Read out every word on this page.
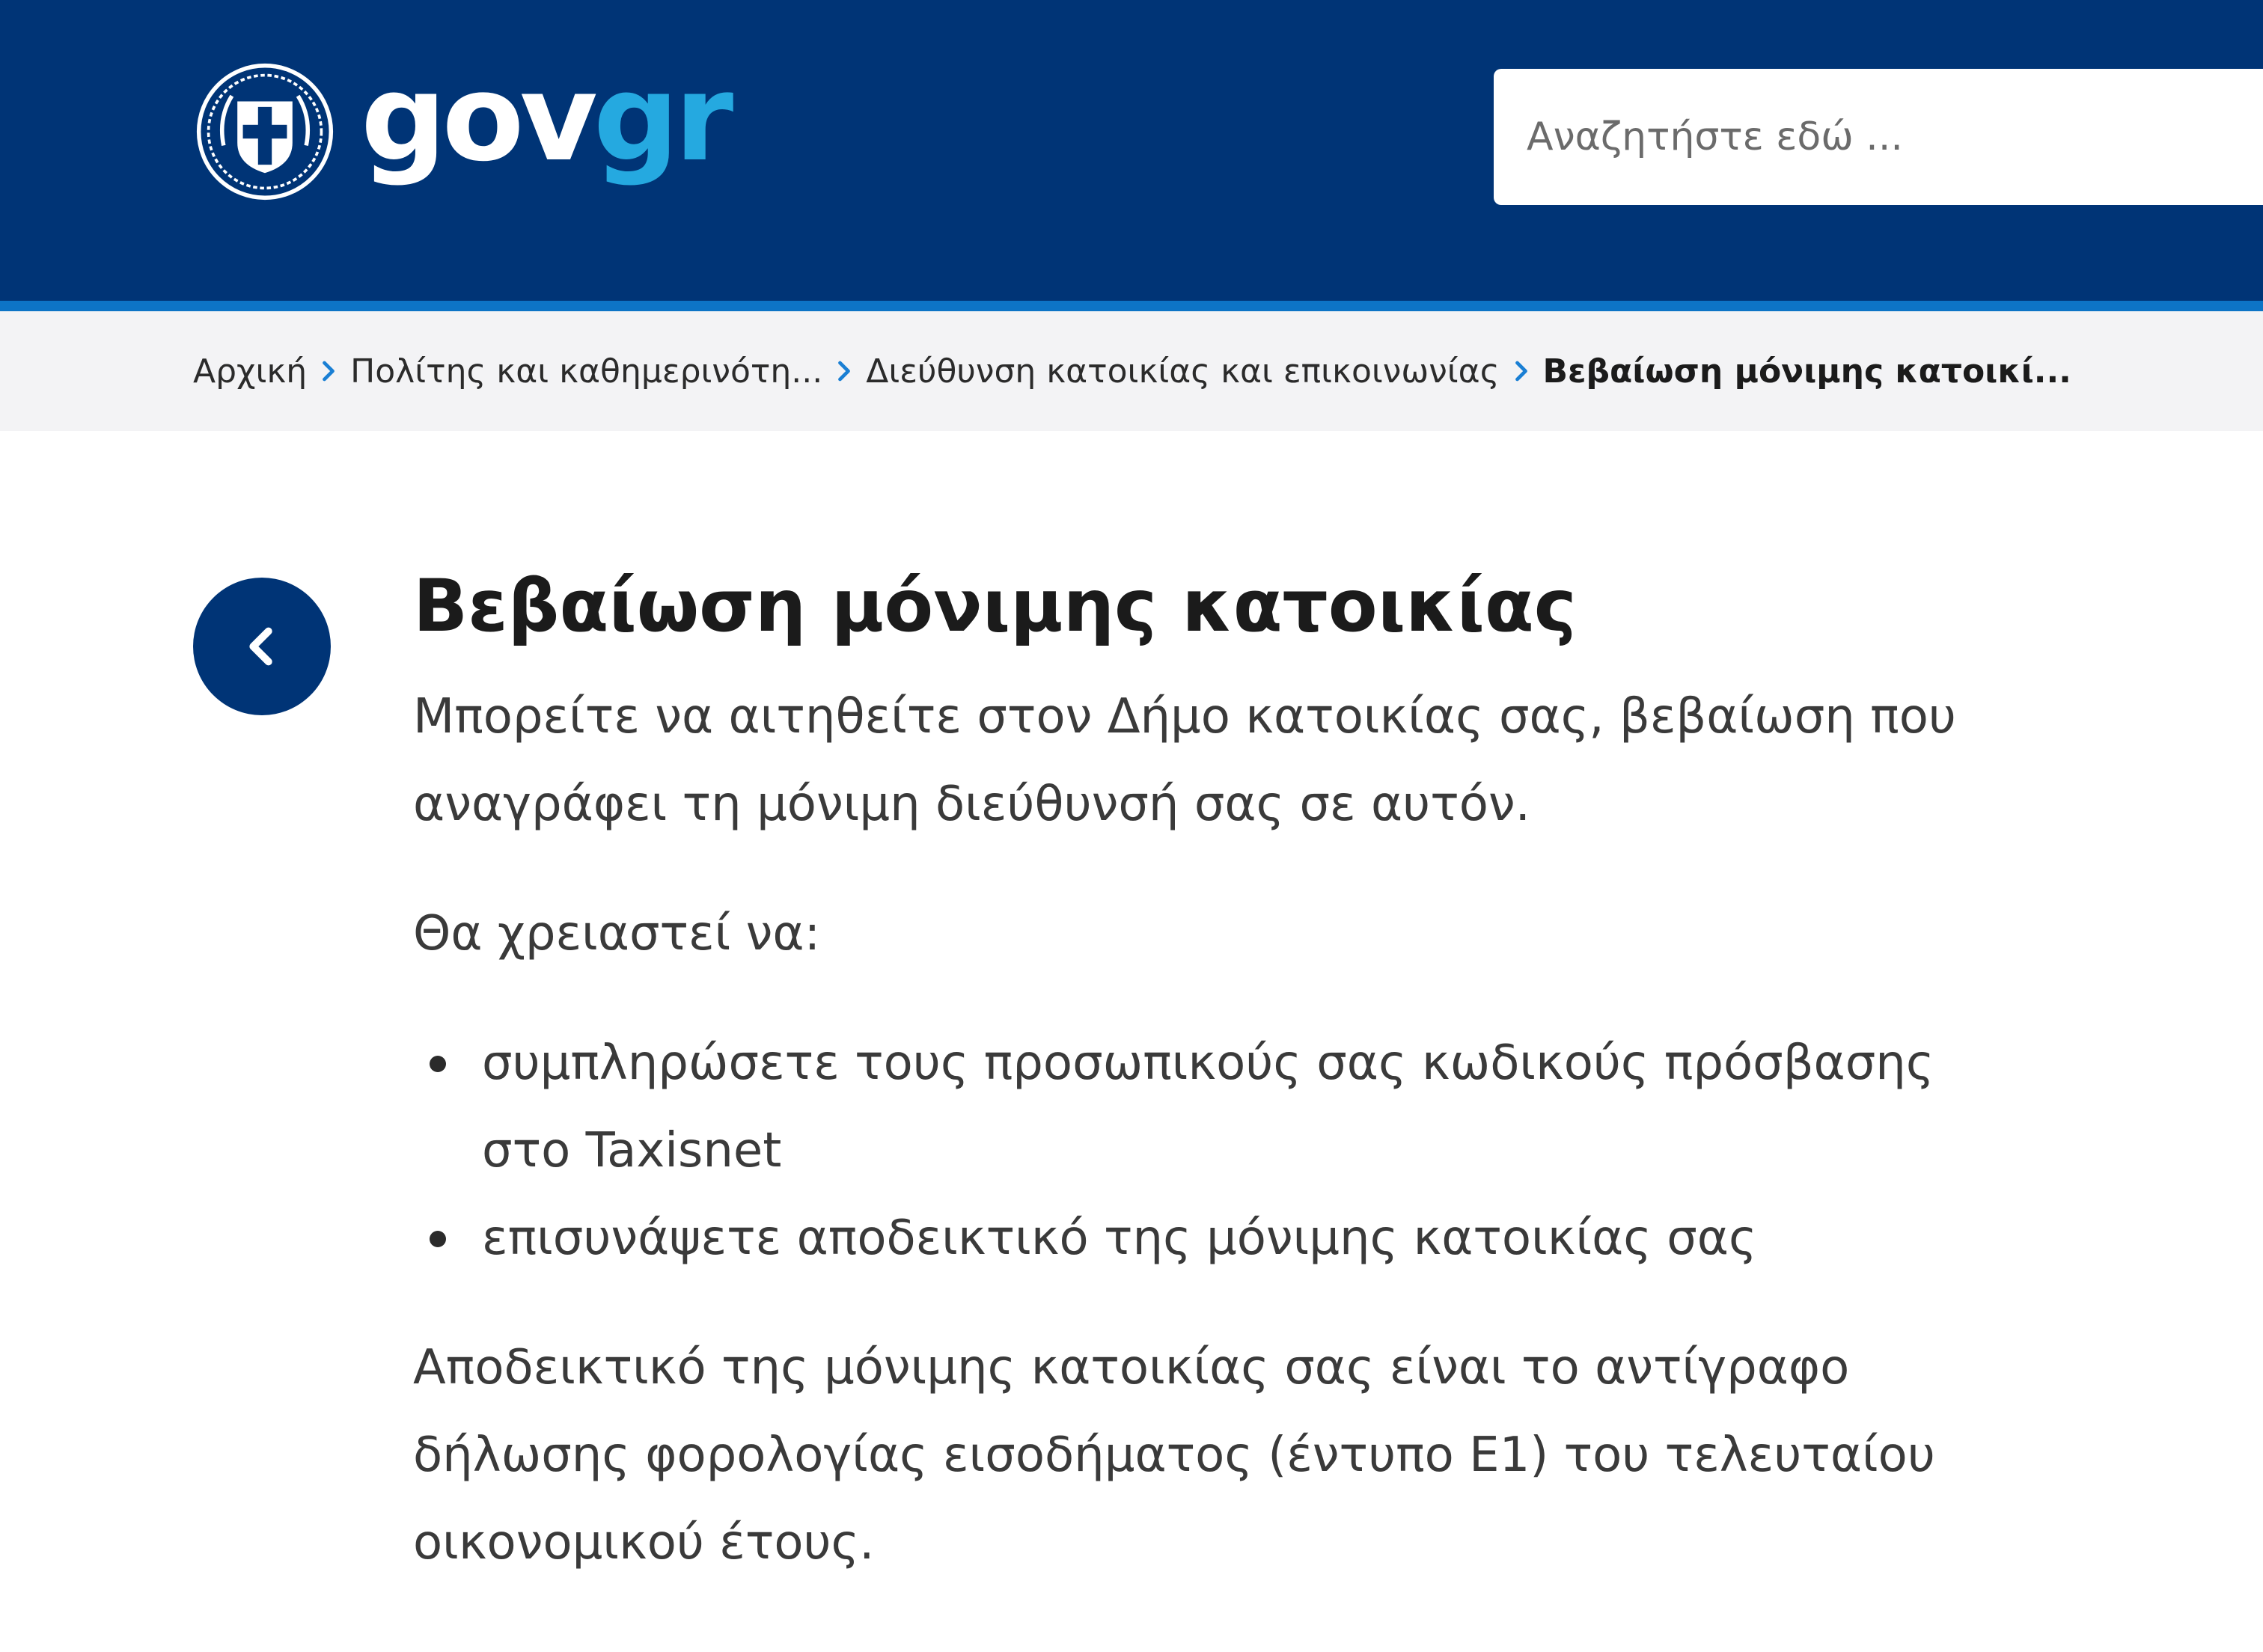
govgr
Αναζητήστε εδώ ...
Αρχική Πολίτης και καθημερινότη... Διεύθυνση κατοικίας και επικοινωνίας Βεβαίωση μόνιμης κατοικί...
Βεβαίωση μόνιμης κατοικίας

Μπορείτε να αιτηθείτε στον Δήμο κατοικίας σας, βεβαίωση που αναγράφει τη μόνιμη διεύθυνσή σας σε αυτόν.

Θα χρειαστεί να:

συμπληρώσετε τους προσωπικούς σας κωδικούς πρόσβασης στο Taxisnet
επισυνάψετε αποδεικτικό της μόνιμης κατοικίας σας

Αποδεικτικό της μόνιμης κατοικίας σας είναι το αντίγραφο δήλωσης φορολογίας εισοδήματος (έντυπο Ε1) του τελευταίου οικονομικού έτους.
